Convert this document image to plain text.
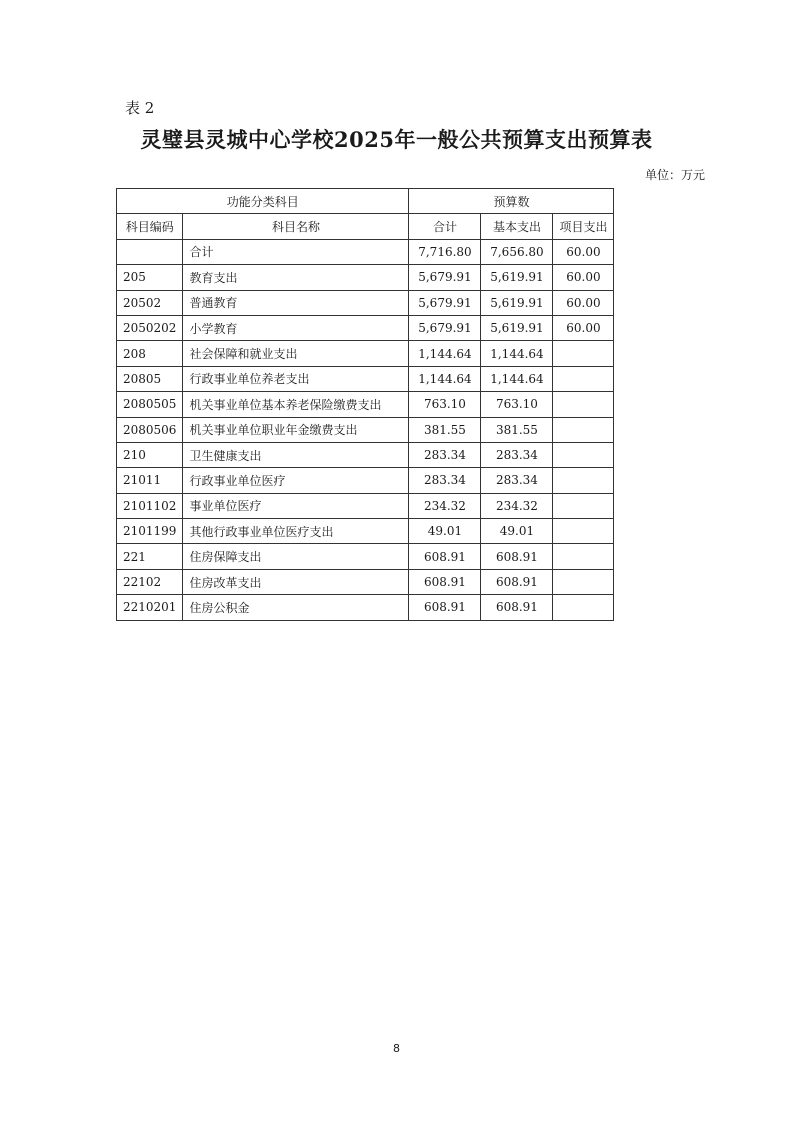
表 2
灵璧县灵城中心学校2025年一般公共预算支出预算表
单位：万元
功能分类科目		预算数		
科目编码	科目名称	合计	基本支出	项目支出
	合计	7,716.80	7,656.80	60.00
205	教育支出	5,679.91	5,619.91	60.00
20502	普通教育	5,679.91	5,619.91	60.00
2050202	小学教育	5,679.91	5,619.91	60.00
208	社会保障和就业支出	1,144.64	1,144.64	
20805	行政事业单位养老支出	1,144.64	1,144.64	
2080505	机关事业单位基本养老保险缴费支出	763.10	763.10	
2080506	机关事业单位职业年金缴费支出	381.55	381.55	
210	卫生健康支出	283.34	283.34	
21011	行政事业单位医疗	283.34	283.34	
2101102	事业单位医疗	234.32	234.32	
2101199	其他行政事业单位医疗支出	49.01	49.01	
221	住房保障支出	608.91	608.91	
22102	住房改革支出	608.91	608.91	
2210201	住房公积金	608.91	608.91	
8
